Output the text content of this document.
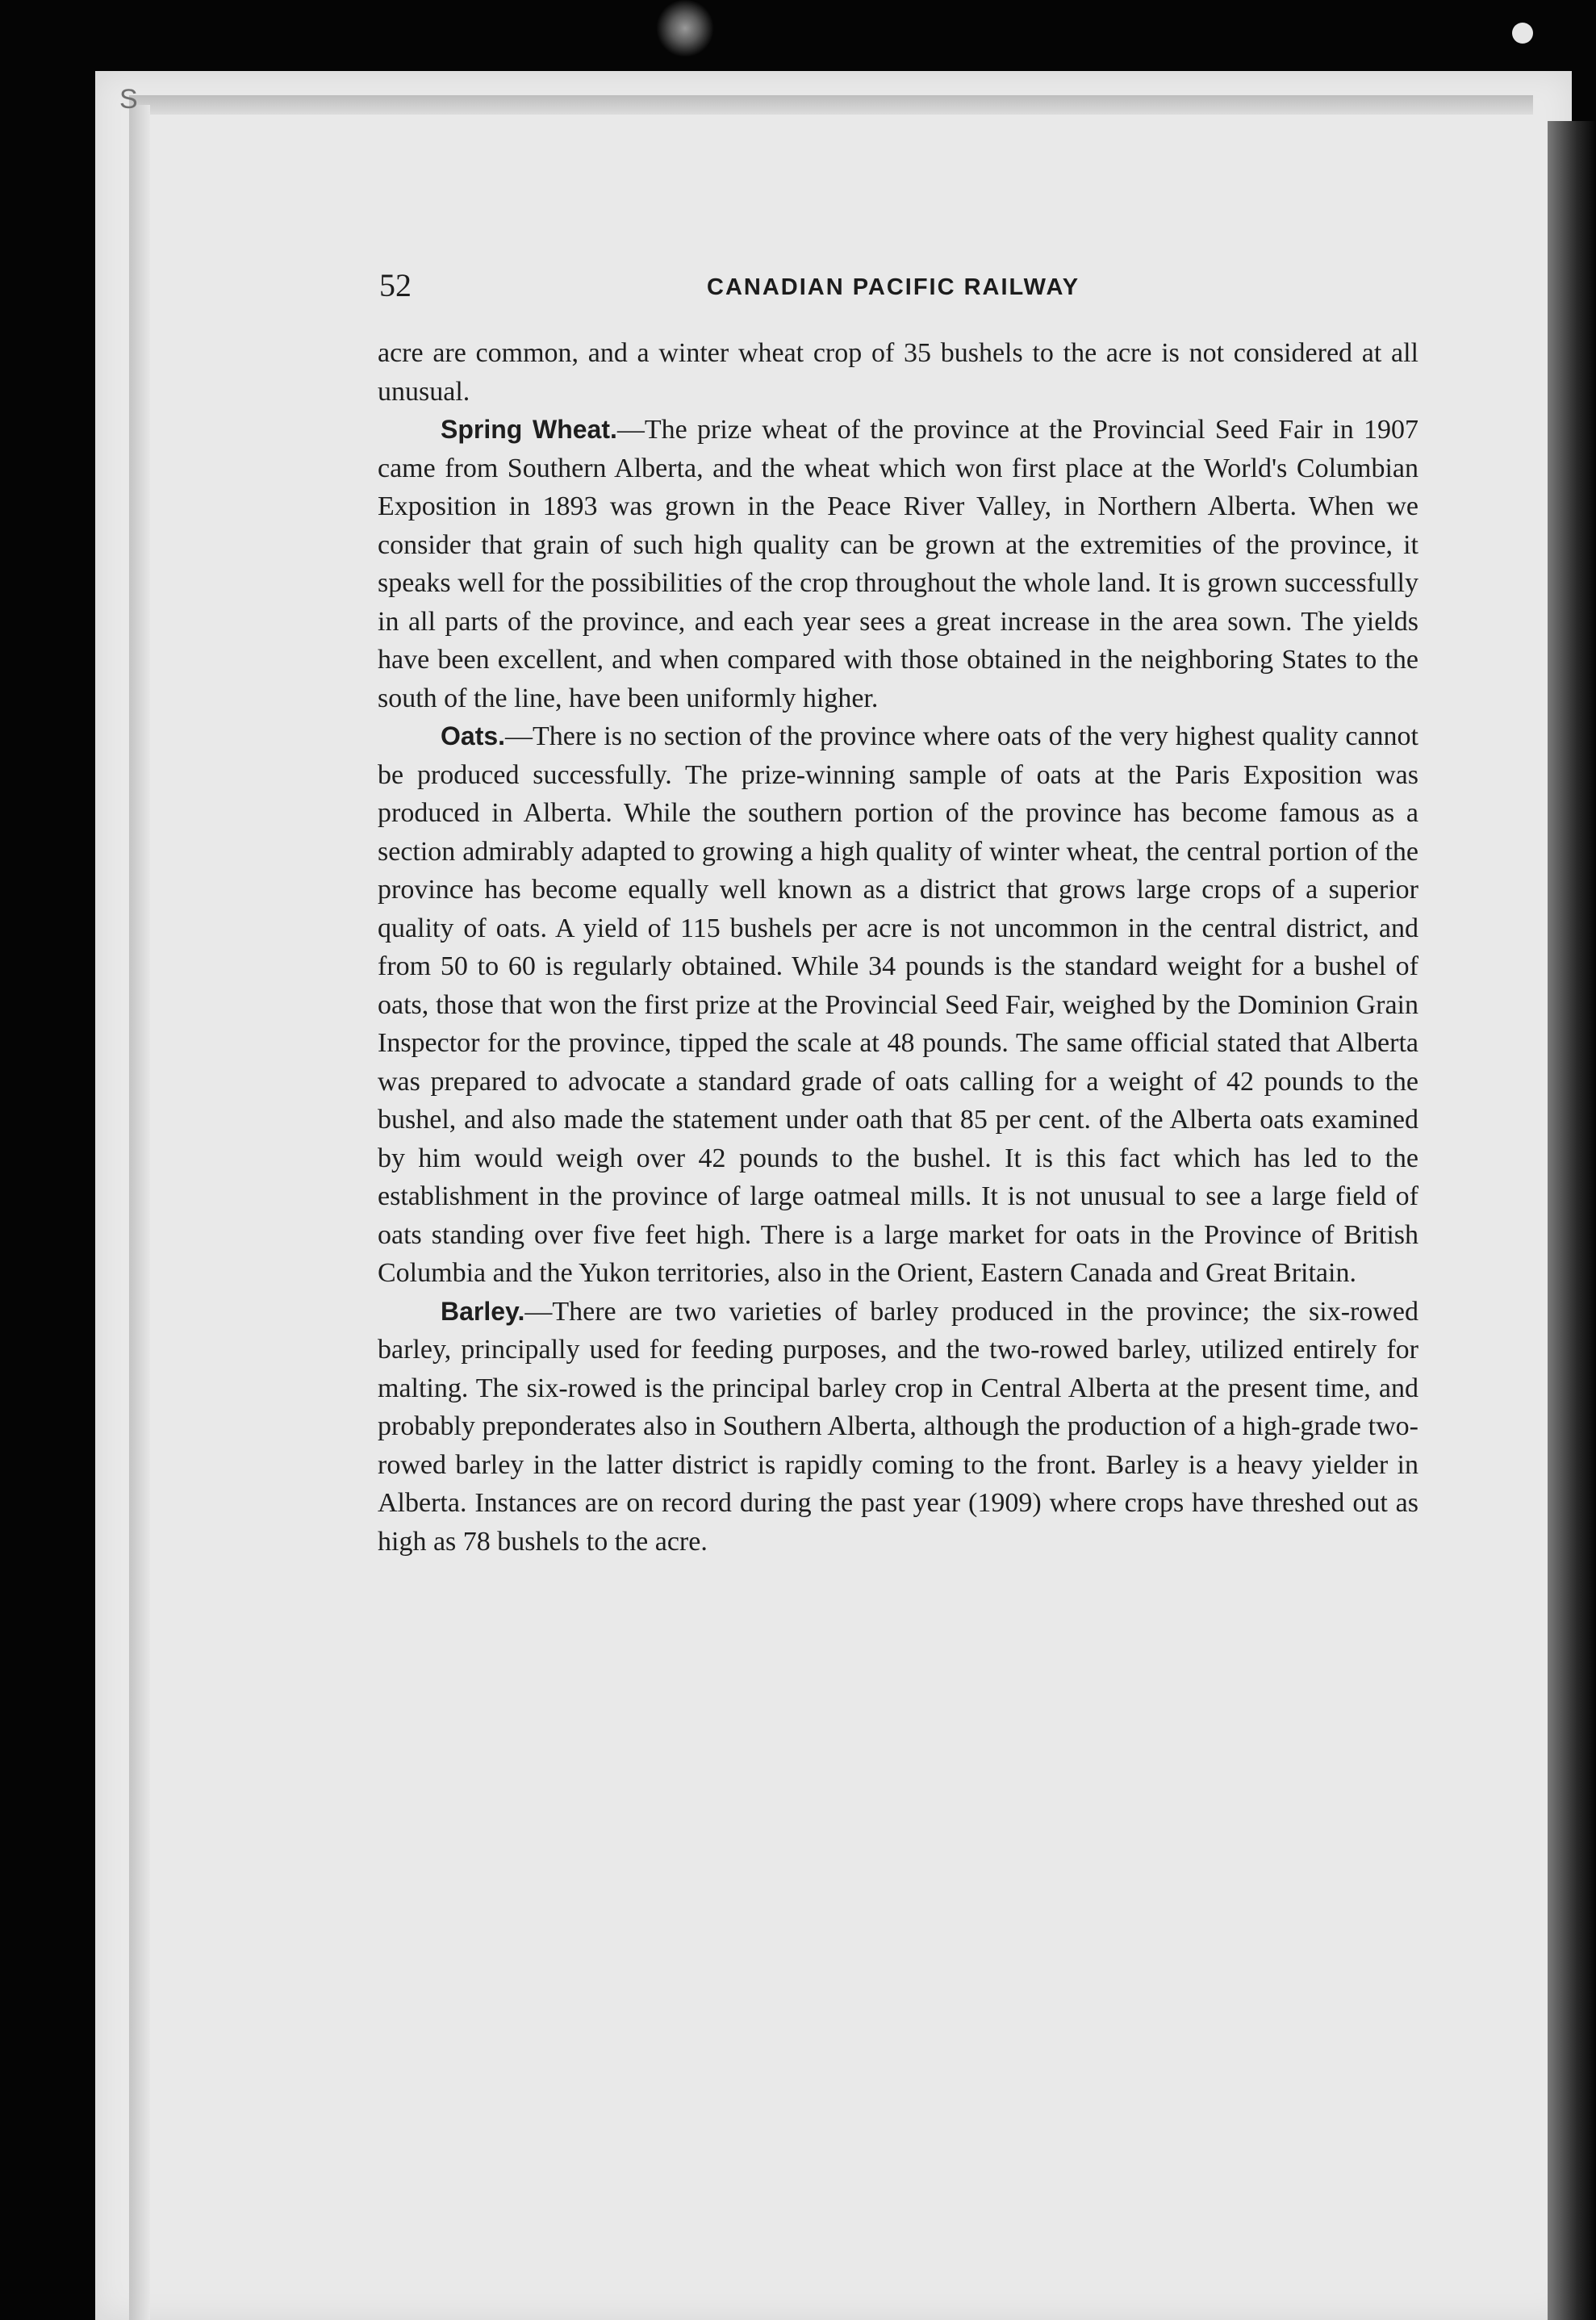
S
52	CANADIAN PACIFIC RAILWAY

acre are common, and a winter wheat crop of 35 bushels to the acre is not considered at all unusual.

Spring Wheat.—The prize wheat of the province at the Provincial Seed Fair in 1907 came from Southern Alberta, and the wheat which won first place at the World's Columbian Exposition in 1893 was grown in the Peace River Valley, in Northern Alberta. When we consider that grain of such high quality can be grown at the extremities of the province, it speaks well for the possibilities of the crop throughout the whole land. It is grown successfully in all parts of the province, and each year sees a great increase in the area sown. The yields have been excellent, and when compared with those obtained in the neighboring States to the south of the line, have been uniformly higher.

Oats.—There is no section of the province where oats of the very highest quality cannot be produced successfully. The prize-winning sample of oats at the Paris Exposition was produced in Alberta. While the southern portion of the province has become famous as a section admirably adapted to growing a high quality of winter wheat, the central portion of the province has become equally well known as a district that grows large crops of a superior quality of oats. A yield of 115 bushels per acre is not uncommon in the central district, and from 50 to 60 is regularly obtained. While 34 pounds is the standard weight for a bushel of oats, those that won the first prize at the Provincial Seed Fair, weighed by the Dominion Grain Inspector for the province, tipped the scale at 48 pounds. The same official stated that Alberta was prepared to advocate a standard grade of oats calling for a weight of 42 pounds to the bushel, and also made the statement under oath that 85 per cent. of the Alberta oats examined by him would weigh over 42 pounds to the bushel. It is this fact which has led to the establishment in the province of large oatmeal mills. It is not unusual to see a large field of oats standing over five feet high. There is a large market for oats in the Province of British Columbia and the Yukon territories, also in the Orient, Eastern Canada and Great Britain.

Barley.—There are two varieties of barley produced in the province; the six-rowed barley, principally used for feeding purposes, and the two-rowed barley, utilized entirely for malting. The six-rowed is the principal barley crop in Central Alberta at the present time, and probably preponderates also in Southern Alberta, although the production of a high-grade two-rowed barley in the latter district is rapidly coming to the front. Barley is a heavy yielder in Alberta. Instances are on record during the past year (1909) where crops have threshed out as high as 78 bushels to the acre.
